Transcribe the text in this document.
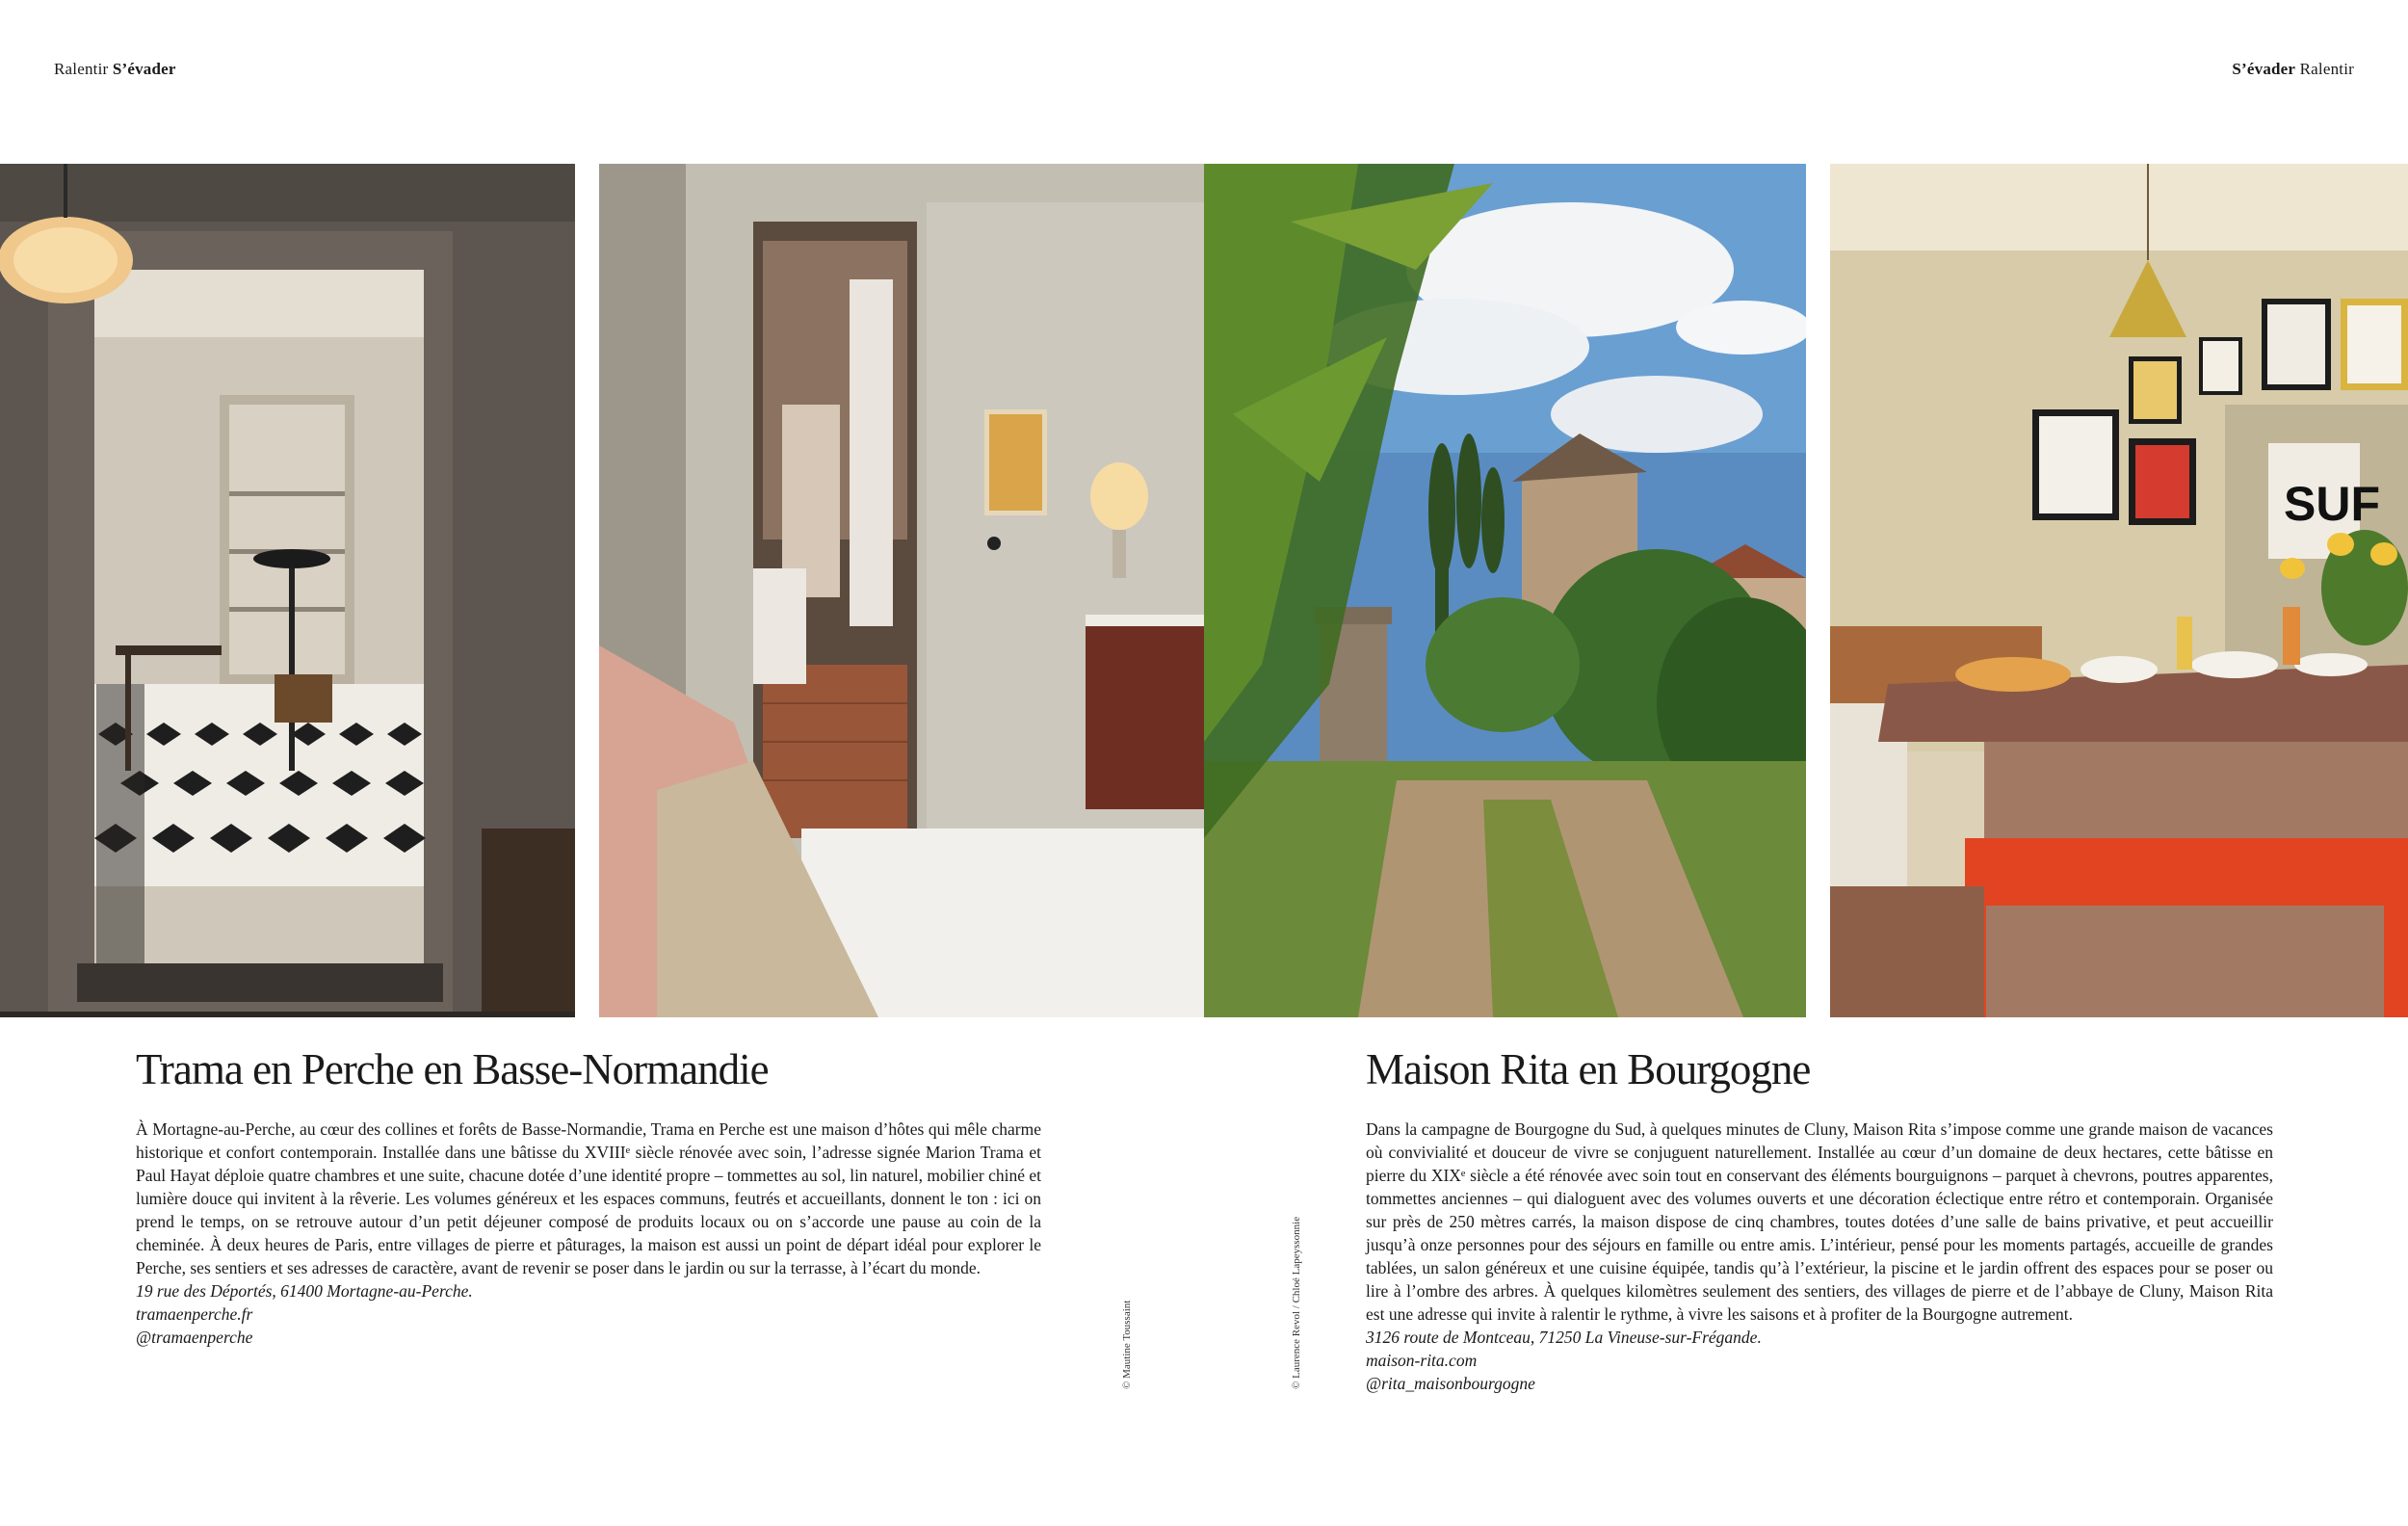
Ralentir S’évader	S’évader Ralentir
SUF
Trama en Perche en Basse-Normandie

À Mortagne-au-Perche, au cœur des collines et forêts de Basse-Normandie, Trama en Perche est une maison d’hôtes qui mêle charme historique et confort contemporain. Installée dans une bâtisse du XVIIIᵉ siècle rénovée avec soin, l’adresse signée Marion Trama et Paul Hayat déploie quatre chambres et une suite, chacune dotée d’une identité propre – tommettes au sol, lin naturel, mobilier chiné et lumière douce qui invitent à la rêverie. Les volumes généreux et les espaces communs, feutrés et accueillants, donnent le ton : ici on prend le temps, on se retrouve autour d’un petit déjeuner composé de produits locaux ou on s’accorde une pause au coin de la cheminée. À deux heures de Paris, entre villages de pierre et pâturages, la maison est aussi un point de départ idéal pour explorer le Perche, ses sentiers et ses adresses de caractère, avant de revenir se poser dans le jardin ou sur la terrasse, à l’écart du monde.

19 rue des Déportés, 61400 Mortagne-au-Perche.
tramaenperche.fr
@tramaenperche
Maison Rita en Bourgogne

Dans la campagne de Bourgogne du Sud, à quelques minutes de Cluny, Maison Rita s’impose comme une grande maison de vacances où convivialité et douceur de vivre se conjuguent naturellement. Installée au cœur d’un domaine de deux hectares, cette bâtisse en pierre du XIXᵉ siècle a été rénovée avec soin tout en conservant des éléments bourguignons – parquet à chevrons, poutres apparentes, tommettes anciennes – qui dialoguent avec des volumes ouverts et une décoration éclectique entre rétro et contemporain. Organisée sur près de 250 mètres carrés, la maison dispose de cinq chambres, toutes dotées d’une salle de bains privative, et peut accueillir jusqu’à onze personnes pour des séjours en famille ou entre amis. L’intérieur, pensé pour les moments partagés, accueille de grandes tablées, un salon généreux et une cuisine équipée, tandis qu’à l’extérieur, la piscine et le jardin offrent des espaces pour se poser ou lire à l’ombre des arbres. À quelques kilomètres seulement des sentiers, des villages de pierre et de l’abbaye de Cluny, Maison Rita est une adresse qui invite à ralentir le rythme, à vivre les saisons et à profiter de la Bourgogne autrement.

3126 route de Montceau, 71250 La Vineuse-sur-Frégande.
maison-rita.com
@rita_maisonbourgogne
© Mautine Toussaint	© Laurence Revol / Chloé Lapeyssonnie
